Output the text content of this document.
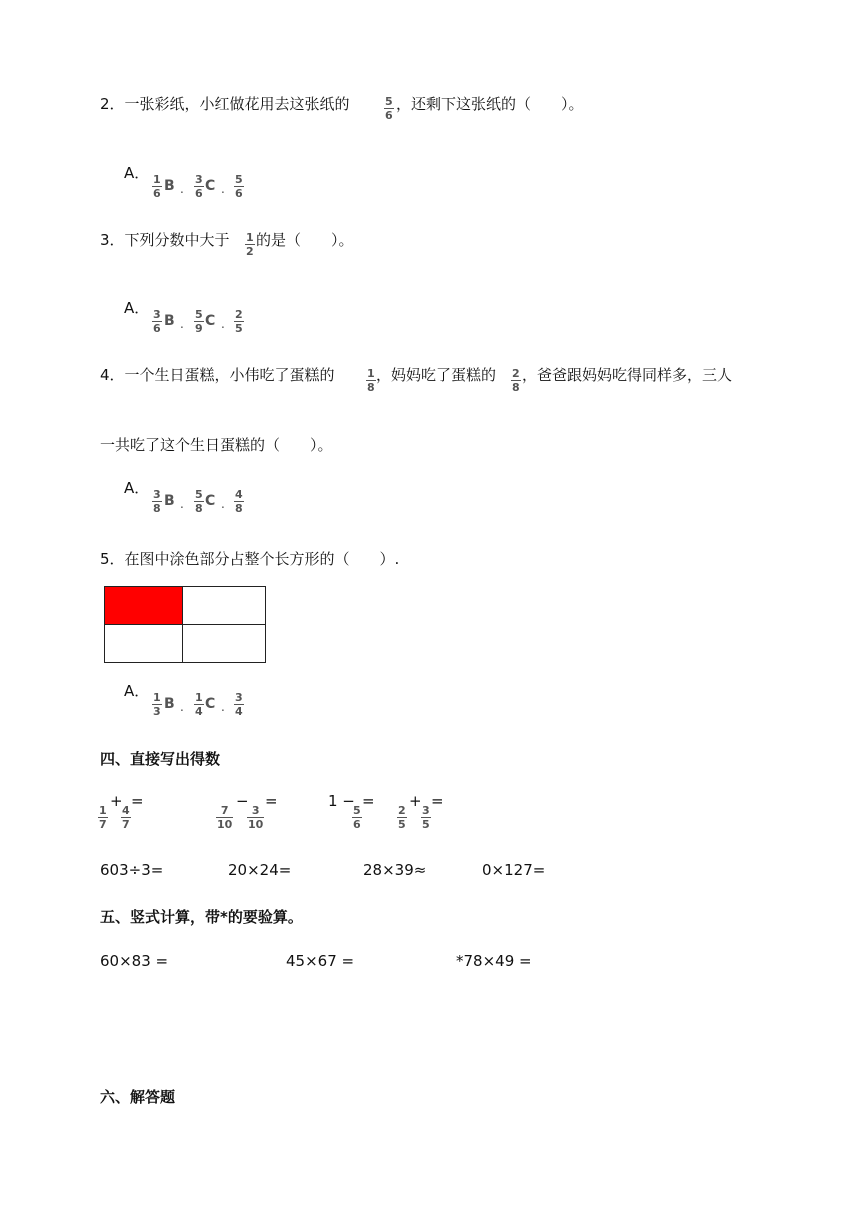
2．一张彩纸，小红做花用去这张纸的	5
6
，还剩下这张纸的（　　）。
A． 1
6 B .
3
6 C .
5
6
3．下列分数中大于 1
2
的是（　　）。
A． 3
6 B .
5
9 C .
2
5
4．一个生日蛋糕，小伟吃了蛋糕的	1
8
，妈妈吃了蛋糕的 2
8
，爸爸跟妈妈吃得同样多，三人
一共吃了这个生日蛋糕的（　　）。
A． 3
8 B .
5
8 C .
4
8
5．在图中涂色部分占整个长方形的（　　）.
A． 1
3 B .
1
4 C .
3
4
四、直接写出得数
1
7
+
4
7
=
7
10
−
3
10
=	1 −
5
6
=
2
5
+
3
5
=
603÷3=	20×24=	28×39≈	0×127=
五、竖式计算，带*的要验算。
60×83 =	45×67 =	*78×49 =
六、解答题
